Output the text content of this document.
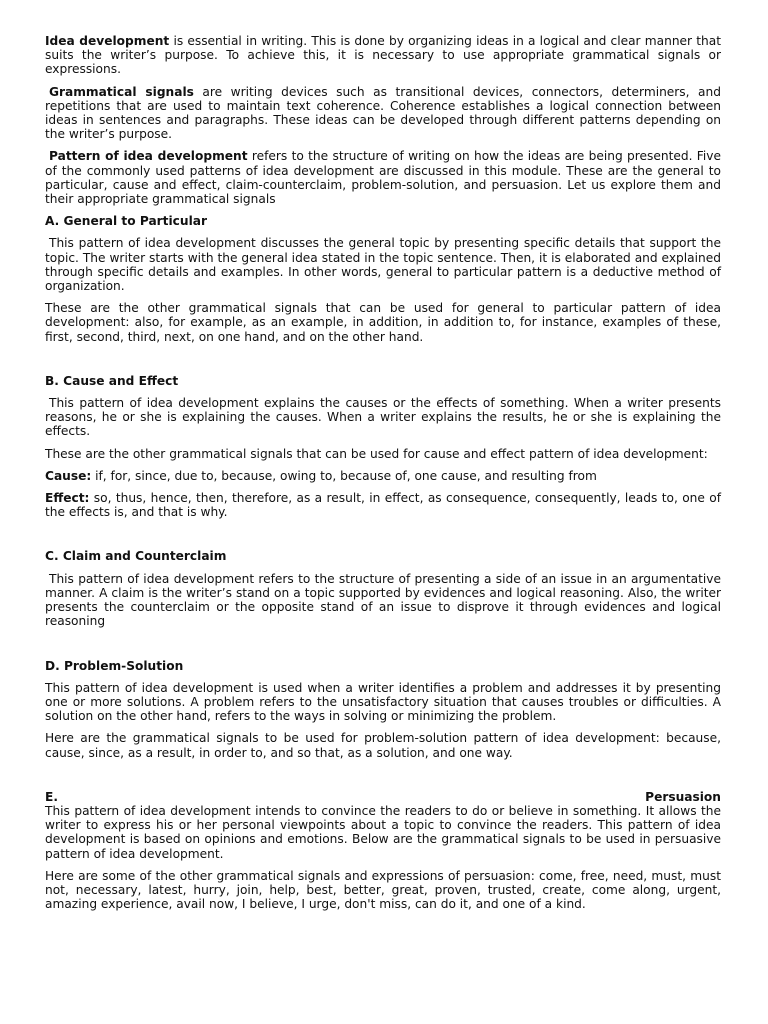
Idea development is essential in writing. This is done by organizing ideas in a logical and clear manner that suits the writer’s purpose. To achieve this, it is necessary to use appropriate grammatical signals or expressions.

Grammatical signals are writing devices such as transitional devices, connectors, determiners, and repetitions that are used to maintain text coherence. Coherence establishes a logical connection between ideas in sentences and paragraphs. These ideas can be developed through different patterns depending on the writer’s purpose.

Pattern of idea development refers to the structure of writing on how the ideas are being presented. Five of the commonly used patterns of idea development are discussed in this module. These are the general to particular, cause and effect, claim-counterclaim, problem-solution, and persuasion. Let us explore them and their appropriate grammatical signals

A. General to Particular

This pattern of idea development discusses the general topic by presenting specific details that support the topic. The writer starts with the general idea stated in the topic sentence. Then, it is elaborated and explained through specific details and examples. In other words, general to particular pattern is a deductive method of organization.

These are the other grammatical signals that can be used for general to particular pattern of idea development: also, for example, as an example, in addition, in addition to, for instance, examples of these, first, second, third, next, on one hand, and on the other hand.

B. Cause and Effect

This pattern of idea development explains the causes or the effects of something. When a writer presents reasons, he or she is explaining the causes. When a writer explains the results, he or she is explaining the effects.

These are the other grammatical signals that can be used for cause and effect pattern of idea development:

Cause: if, for, since, due to, because, owing to, because of, one cause, and resulting from

Effect: so, thus, hence, then, therefore, as a result, in effect, as consequence, consequently, leads to, one of the effects is, and that is why.

C. Claim and Counterclaim

This pattern of idea development refers to the structure of presenting a side of an issue in an argumentative manner. A claim is the writer’s stand on a topic supported by evidences and logical reasoning. Also, the writer presents the counterclaim or the opposite stand of an issue to disprove it through evidences and logical reasoning

D. Problem-Solution

This pattern of idea development is used when a writer identifies a problem and addresses it by presenting one or more solutions. A problem refers to the unsatisfactory situation that causes troubles or difficulties. A solution on the other hand, refers to the ways in solving or minimizing the problem.

Here are the grammatical signals to be used for problem-solution pattern of idea development: because, cause, since, as a result, in order to, and so that, as a solution, and one way.

E.	Persuasion

This pattern of idea development intends to convince the readers to do or believe in something. It allows the writer to express his or her personal viewpoints about a topic to convince the readers. This pattern of idea development is based on opinions and emotions. Below are the grammatical signals to be used in persuasive pattern of idea development.

Here are some of the other grammatical signals and expressions of persuasion: come, free, need, must, must not, necessary, latest, hurry, join, help, best, better, great, proven, trusted, create, come along, urgent, amazing experience, avail now, I believe, I urge, don't miss, can do it, and one of a kind.
